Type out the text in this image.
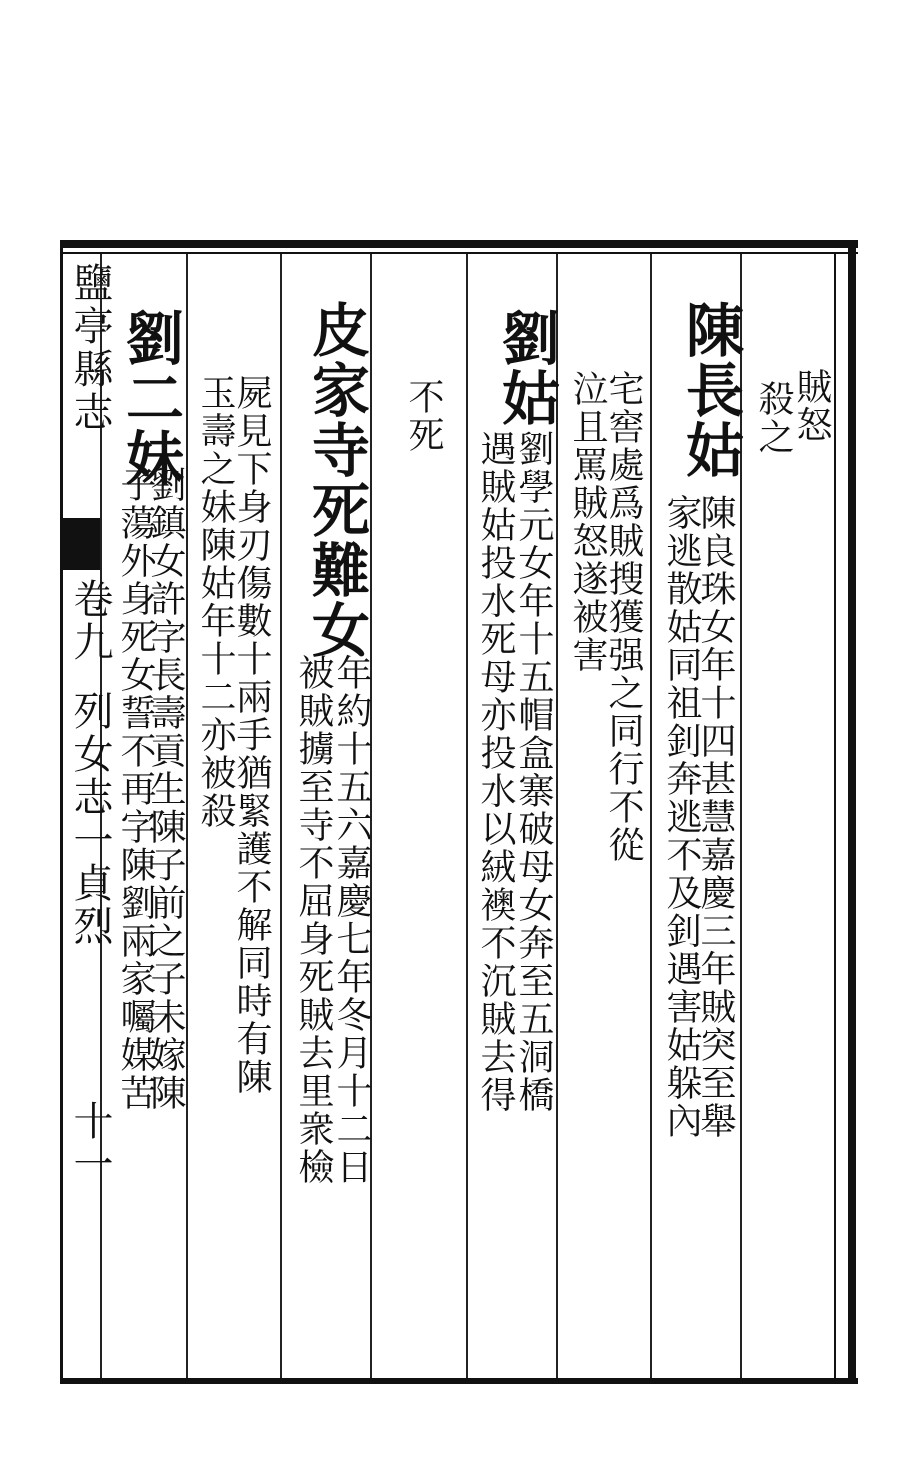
鹽亭縣志
卷九
列女志一貞烈
十一
賊怒
殺之
陳長姑
陳良珠女年十四甚慧嘉慶三年賊突至舉
家逃散姑同祖釗奔逃不及釗遇害姑躲內
宅窖處爲賊搜獲强之同行不從
泣且罵賊怒遂被害
劉姑
劉學元女年十五帽盒寨破母女奔至五洞橋
遇賊姑投水死母亦投水以絨襖不沉賊去得
不死
皮家寺死難女
年約十五六嘉慶七年冬月十二日
被賊擄至寺不屈身死賊去里衆檢
屍見下身刃傷數十兩手猶緊護不解同時有陳
玉壽之妹陳姑年十二亦被殺
劉二妹
劉鎮女許字長壽貢生陳子前之子未嫁陳
子蕩外身死女誓不再字陳劉兩家囑媒苦
